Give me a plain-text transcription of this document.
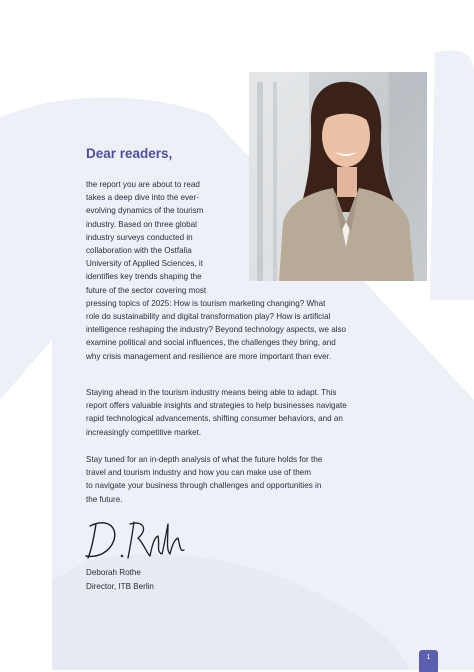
Dear readers,
the report you are about to read
takes a deep dive into the ever-
evolving dynamics of the tourism
industry. Based on three global
industry surveys conducted in
collaboration with the Ostfalia
University of Applied Sciences, it
identifies key trends shaping the
future of the sector covering most
pressing topics of 2025: How is tourism marketing changing? What
role do sustainability and digital transformation play? How is artificial
intelligence reshaping the industry? Beyond technology aspects, we also
examine political and social influences, the challenges they bring, and
why crisis management and resilience are more important than ever.
Staying ahead in the tourism industry means being able to adapt. This
report offers valuable insights and strategies to help businesses navigate
rapid technological advancements, shifting consumer behaviors, and an
increasingly competitive market.
Stay tuned for an in-depth analysis of what the future holds for the
travel and tourism industry and how you can make use of them
to navigate your business through challenges and opportunities in
the future.
Deborah Rothe
Director, ITB Berlin
1
